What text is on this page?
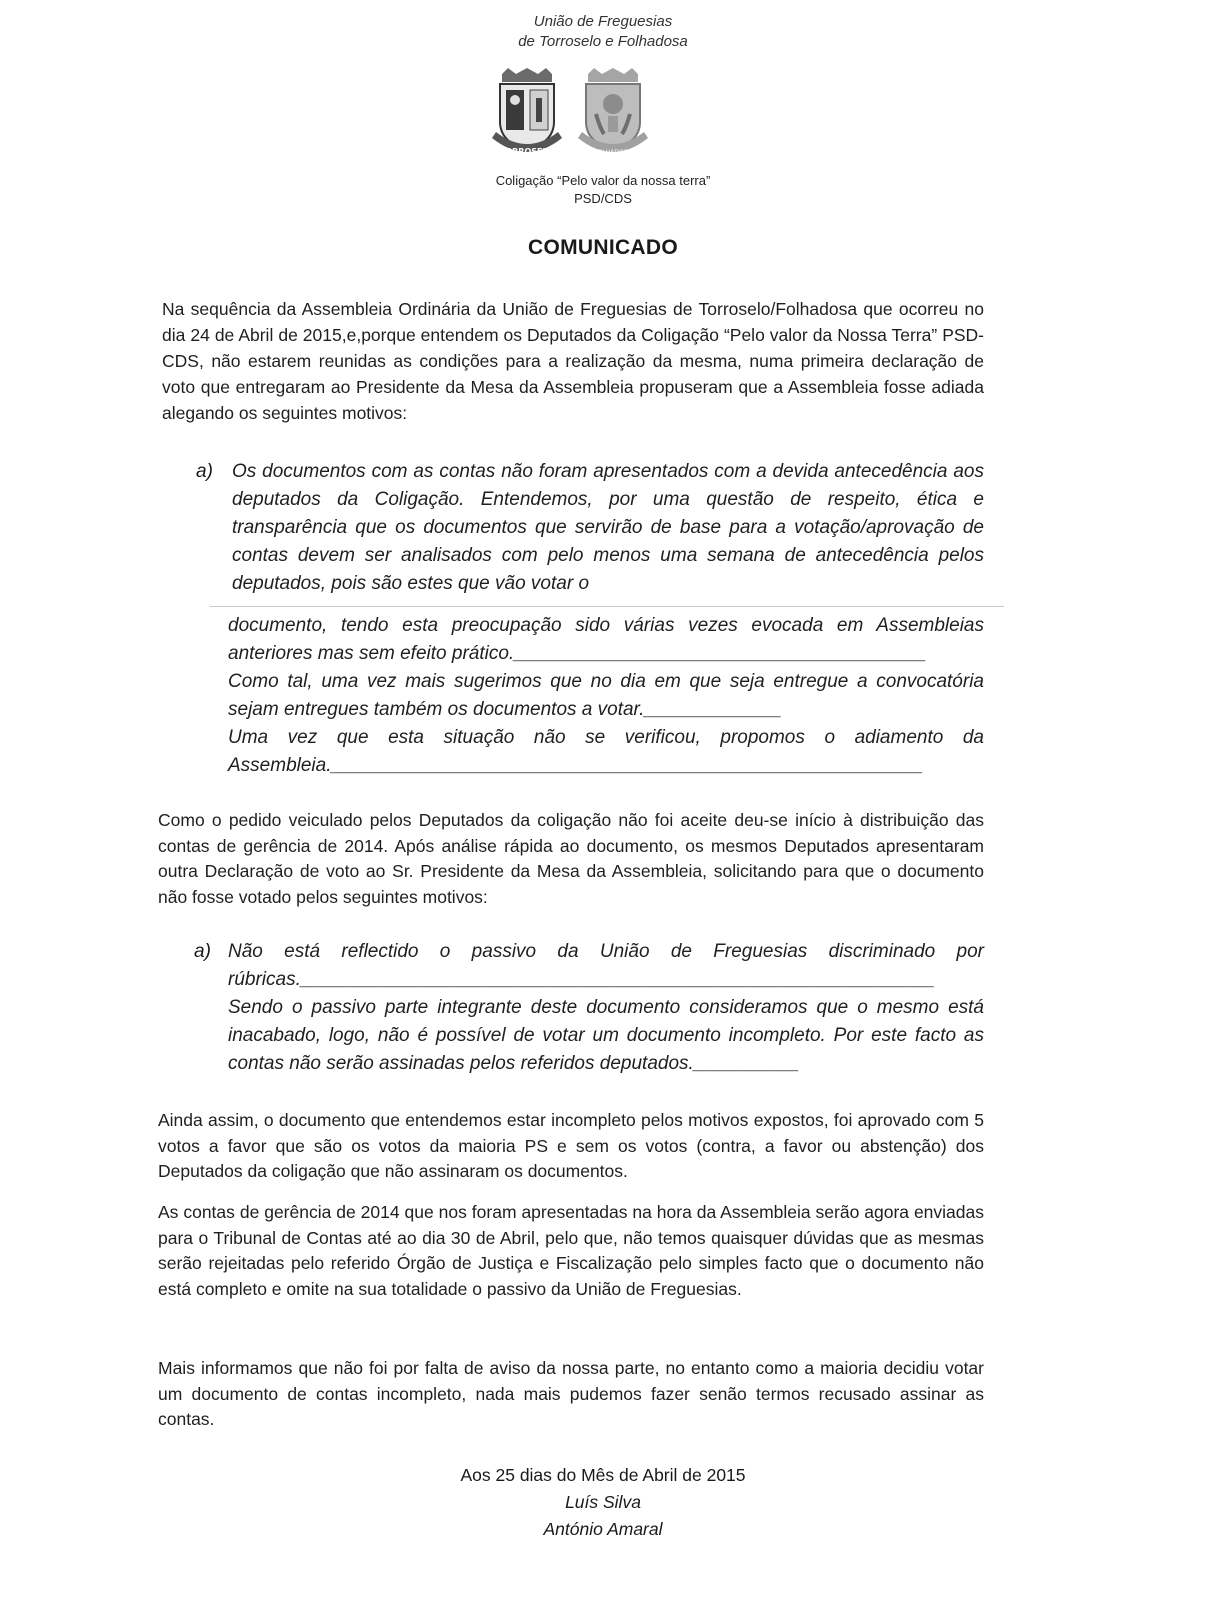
União de Freguesias
de Torroselo e Folhadosa
TORROSELO	FOLHADOSA
Coligação “Pelo valor da nossa terra”
PSD/CDS
COMUNICADO
Na sequência da Assembleia Ordinária da União de Freguesias de Torroselo/Folhadosa que ocorreu no dia 24 de Abril de 2015,e,porque entendem os Deputados da Coligação “Pelo valor da Nossa Terra” PSD-CDS, não estarem reunidas as condições para a realização da mesma, numa primeira declaração de voto que entregaram ao Presidente da Mesa da Assembleia propuseram que a Assembleia fosse adiada alegando os seguintes motivos:
a) Os documentos com as contas não foram apresentados com a devida antecedência aos deputados da Coligação. Entendemos, por uma questão de respeito, ética e transparência que os documentos que servirão de base para a votação/aprovação de contas devem ser analisados com pelo menos uma semana de antecedência pelos deputados, pois são estes que vão votar o
documento, tendo esta preocupação sido várias vezes evocada em Assembleias anteriores mas sem efeito prático._______________________________________
Como tal, uma vez mais sugerimos que no dia em que seja entregue a convocatória sejam entregues também os documentos a votar._____________
Uma vez que esta situação não se verificou, propomos o adiamento da Assembleia.________________________________________________________
Como o pedido veiculado pelos Deputados da coligação não foi aceite deu-se início à distribuição das contas de gerência de 2014. Após análise rápida ao documento, os mesmos Deputados apresentaram outra Declaração de voto ao Sr. Presidente da Mesa da Assembleia, solicitando para que o documento não fosse votado pelos seguintes motivos:
a) Não está reflectido o passivo da União de Freguesias discriminado por rúbricas.____________________________________________________________
Sendo o passivo parte integrante deste documento consideramos que o mesmo está inacabado, logo, não é possível de votar um documento incompleto. Por este facto as contas não serão assinadas pelos referidos deputados.__________
Ainda assim, o documento que entendemos estar incompleto pelos motivos expostos, foi aprovado com 5 votos a favor que são os votos da maioria PS e sem os votos (contra, a favor ou abstenção) dos Deputados da coligação que não assinaram os documentos.
As contas de gerência de 2014 que nos foram apresentadas na hora da Assembleia serão agora enviadas para o Tribunal de Contas até ao dia 30 de Abril, pelo que, não temos quaisquer dúvidas que as mesmas serão rejeitadas pelo referido Órgão de Justiça e Fiscalização pelo simples facto que o documento não está completo e omite na sua totalidade o passivo da União de Freguesias.
Mais informamos que não foi por falta de aviso da nossa parte, no entanto como a maioria decidiu votar um documento de contas incompleto, nada mais pudemos fazer senão termos recusado assinar as contas.
Aos 25 dias do Mês de Abril de 2015
Luís Silva
António Amaral
